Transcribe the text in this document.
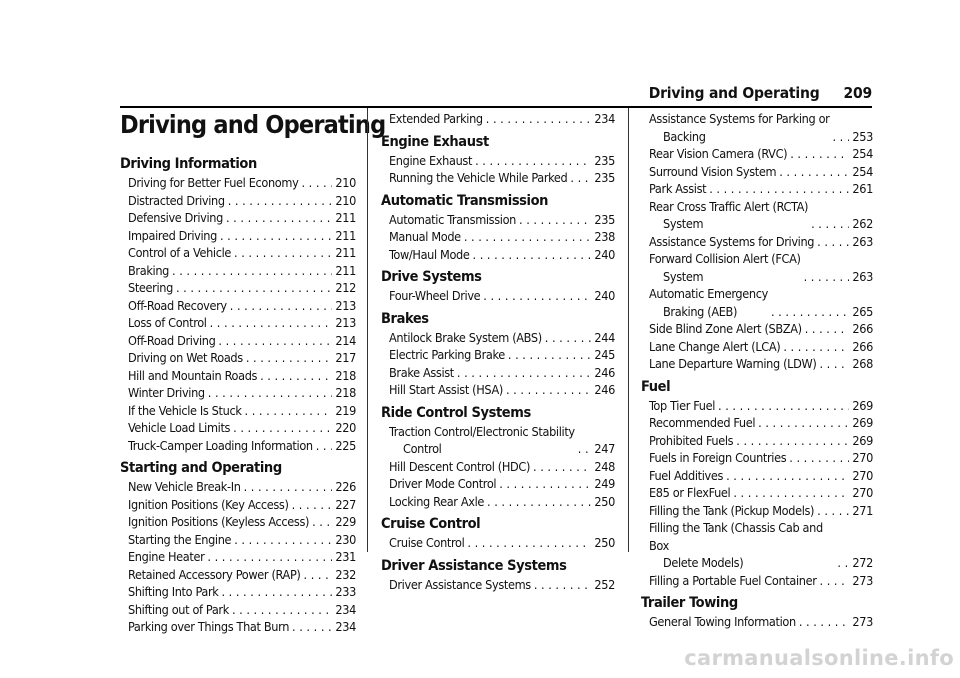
Driving and Operating 209
Driving and Operating
Driving Information
Driving for Better Fuel Economy . . .	210
Distracted Driving . . .	210
Defensive Driving . . .	211
Impaired Driving . . .	211
Control of a Vehicle . . .	211
Braking . . .	211
Steering . . .	212
Off-Road Recovery . . .	213
Loss of Control . . .	213
Off-Road Driving . . .	214
Driving on Wet Roads . . .	217
Hill and Mountain Roads . . .	218
Winter Driving . . .	218
If the Vehicle Is Stuck . . .	219
Vehicle Load Limits . . .	220
Truck-Camper Loading Information . . . 225
Starting and Operating
New Vehicle Break-In . . .	226
Ignition Positions (Key Access) . . .	227
Ignition Positions (Keyless Access) . . . 229
Starting the Engine . . .	230
Engine Heater . . .	231
Retained Accessory Power (RAP) . . .	232
Shifting Into Park . . .	233
Shifting out of Park . . .	234
Parking over Things That Burn . . .	234
Extended Parking . . .	234
Engine Exhaust
Engine Exhaust . . .	235
Running the Vehicle While Parked . . . 235
Automatic Transmission
Automatic Transmission . . .	235
Manual Mode . . .	238
Tow/Haul Mode . . .	240
Drive Systems
Four-Wheel Drive . . .	240
Brakes
Antilock Brake System (ABS) . . .	244
Electric Parking Brake . . .	245
Brake Assist . . .	246
Hill Start Assist (HSA) . . .	246
Ride Control Systems
Traction Control/Electronic Stability
Control . . .	247
Hill Descent Control (HDC) . . .	248
Driver Mode Control . . .	249
Locking Rear Axle . . .	250
Cruise Control
Cruise Control . . .	250
Driver Assistance Systems
Driver Assistance Systems . . .	252
Assistance Systems for Parking or
Backing . . .	253
Rear Vision Camera (RVC) . . .	254
Surround Vision System . . .	254
Park Assist . . .	261
Rear Cross Traffic Alert (RCTA)
System . . .	262
Assistance Systems for Driving . . .	263
Forward Collision Alert (FCA)
System . . .	263
Automatic Emergency
Braking (AEB) . . .	265
Side Blind Zone Alert (SBZA) . . .	266
Lane Change Alert (LCA) . . .	266
Lane Departure Warning (LDW) . . .	268
Fuel
Top Tier Fuel . . .	269
Recommended Fuel . . .	269
Prohibited Fuels . . .	269
Fuels in Foreign Countries . . .	270
Fuel Additives . . .	270
E85 or FlexFuel . . .	270
Filling the Tank (Pickup Models) . . .	271
Filling the Tank (Chassis Cab and Box
Delete Models) . . .	272
Filling a Portable Fuel Container . . .	273
Trailer Towing
General Towing Information . . .	273
carmanualsonline.info
